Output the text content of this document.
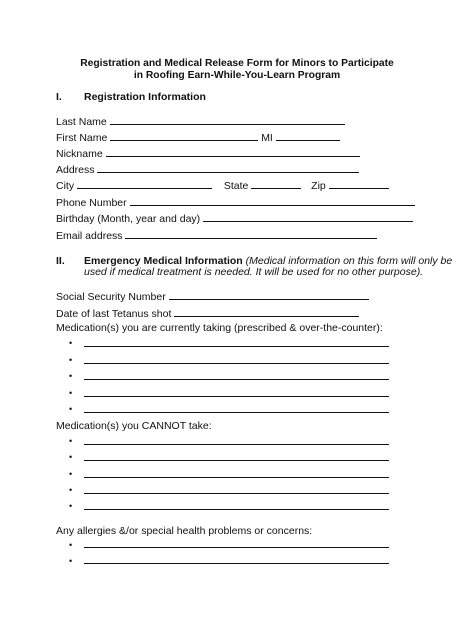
Registration and Medical Release Form for Minors to Participate
in Roofing Earn-While-You-Learn Program
I. Registration Information
Last Name
First Name	MI
Nickname
Address
City	State	Zip
Phone Number
Birthday (Month, year and day)
Email address
II. Emergency Medical Information (Medical information on this form will only be
used if medical treatment is needed. It will be used for no other purpose).
Social Security Number
Date of last Tetanus shot
Medication(s) you are currently taking (prescribed & over-the-counter):
•
•
•
•
•
Medication(s) you CANNOT take:
•
•
•
•
•
Any allergies &/or special health problems or concerns:
•
•
